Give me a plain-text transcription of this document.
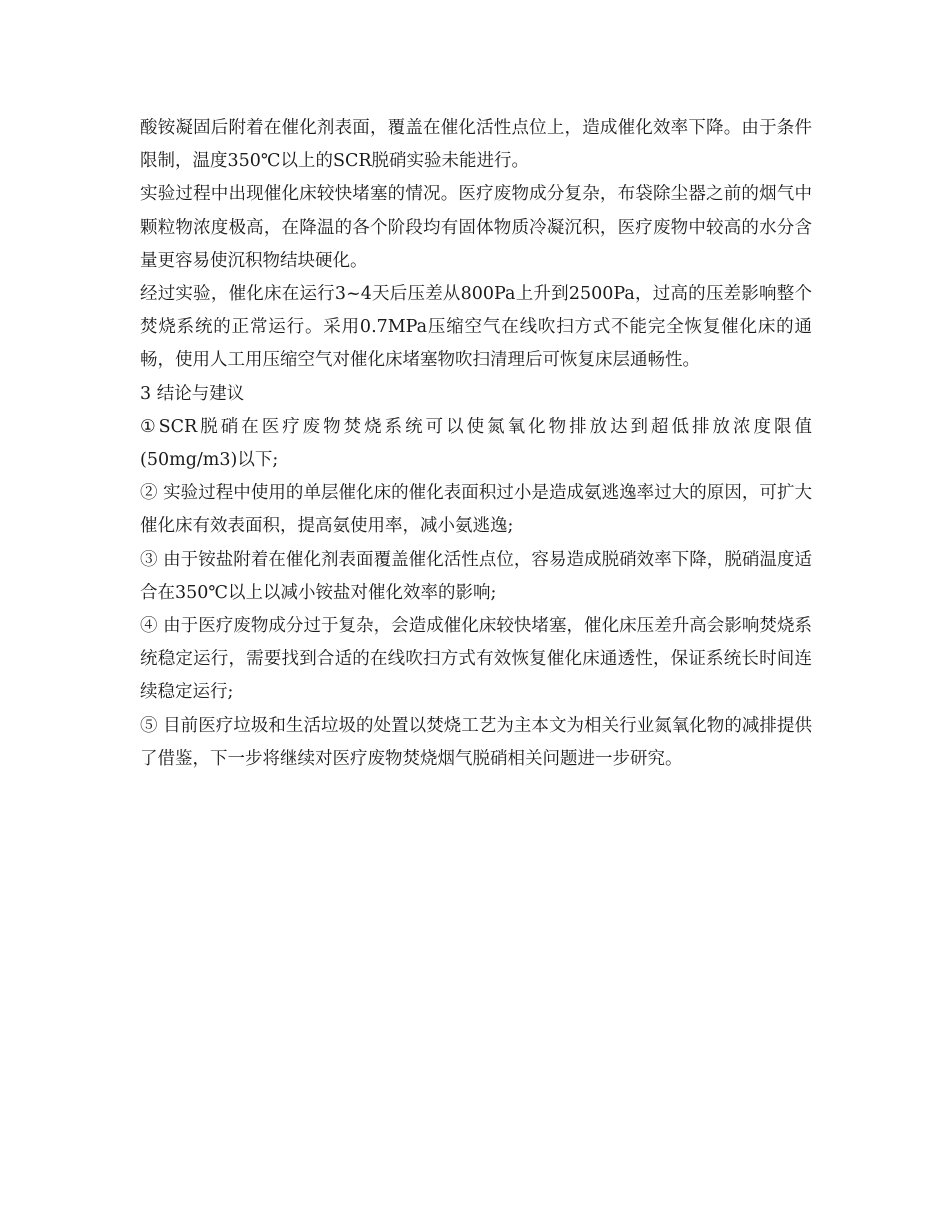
酸铵凝固后附着在催化剂表面，覆盖在催化活性点位上，造成催化效率下降。由于条件限制，温度350℃以上的SCR脱硝实验未能进行。

实验过程中出现催化床较快堵塞的情况。医疗废物成分复杂，布袋除尘器之前的烟气中颗粒物浓度极高，在降温的各个阶段均有固体物质冷凝沉积，医疗废物中较高的水分含量更容易使沉积物结块硬化。

经过实验，催化床在运行3~4天后压差从800Pa上升到2500Pa，过高的压差影响整个焚烧系统的正常运行。采用0.7MPa压缩空气在线吹扫方式不能完全恢复催化床的通畅，使用人工用压缩空气对催化床堵塞物吹扫清理后可恢复床层通畅性。

3 结论与建议

①SCR脱硝在医疗废物焚烧系统可以使氮氧化物排放达到超低排放浓度限值(50mg/m3)以下;

② 实验过程中使用的单层催化床的催化表面积过小是造成氨逃逸率过大的原因，可扩大催化床有效表面积，提高氨使用率，减小氨逃逸;

③ 由于铵盐附着在催化剂表面覆盖催化活性点位，容易造成脱硝效率下降，脱硝温度适合在350℃以上以减小铵盐对催化效率的影响;

④ 由于医疗废物成分过于复杂，会造成催化床较快堵塞，催化床压差升高会影响焚烧系统稳定运行，需要找到合适的在线吹扫方式有效恢复催化床通透性，保证系统长时间连续稳定运行;

⑤ 目前医疗垃圾和生活垃圾的处置以焚烧工艺为主本文为相关行业氮氧化物的减排提供了借鉴，下一步将继续对医疗废物焚烧烟气脱硝相关问题进一步研究。
